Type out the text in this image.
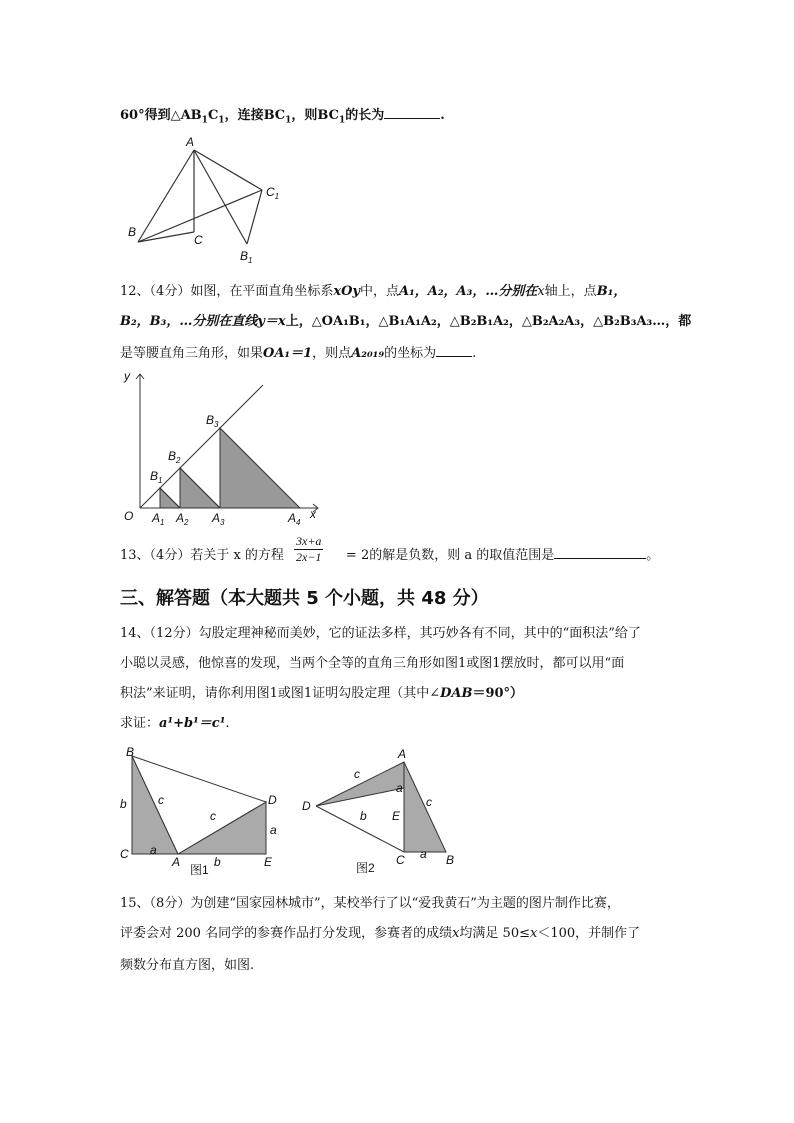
60°得到$\triangle AB_1C_1$，连接$BC_1$，则$BC_1$的长为	.
A
B
C
$C_1$
$B_1$
12、（4分）如图，在平面直角坐标系xOy中，点A₁，A₂，A₃，…分别在x轴上，点B₁，
B₂，B₃，…分别在直线y＝x上，△OA₁B₁，△B₁A₁A₂，△B₂B₁A₂，△B₂A₂A₃，△B₂B₃A₃…，都
是等腰直角三角形，如果OA₁＝1，则点A₂₀₁₉的坐标为	.
y
x
O $A_1$ $A_2$ $A_3$	$A_4$
$B_1$
$B_2$
$B_3$
13、（4分）若关于 x 的方程	= 2的解是负数，则 a 的取值范围是	。
$\frac{3x+a}{2x-1}$
三、解答题（本大题共 5 个小题，共 48 分）
14、（12分）勾股定理神秘而美妙，它的证法多样，其巧妙各有不同，其中的“面积法”给了
小聪以灵感，他惊喜的发现，当两个全等的直角三角形如图1或图1摆放时，都可以用“面
积法”来证明，请你利用图1或图1证明勾股定理（其中∠DAB＝90°）
求证：a¹+b¹＝c¹.
B
C
A
D
E
b	c
c
a
a
b
图1
A
D
E
C	B
c
a
c
b
a
图2
15、（8分）为创建“国家园林城市”，某校举行了以“爱我黄石”为主题的图片制作比赛，
评委会对 200 名同学的参赛作品打分发现，参赛者的成绩x均满足 50≤x＜100，并制作了
频数分布直方图，如图.
